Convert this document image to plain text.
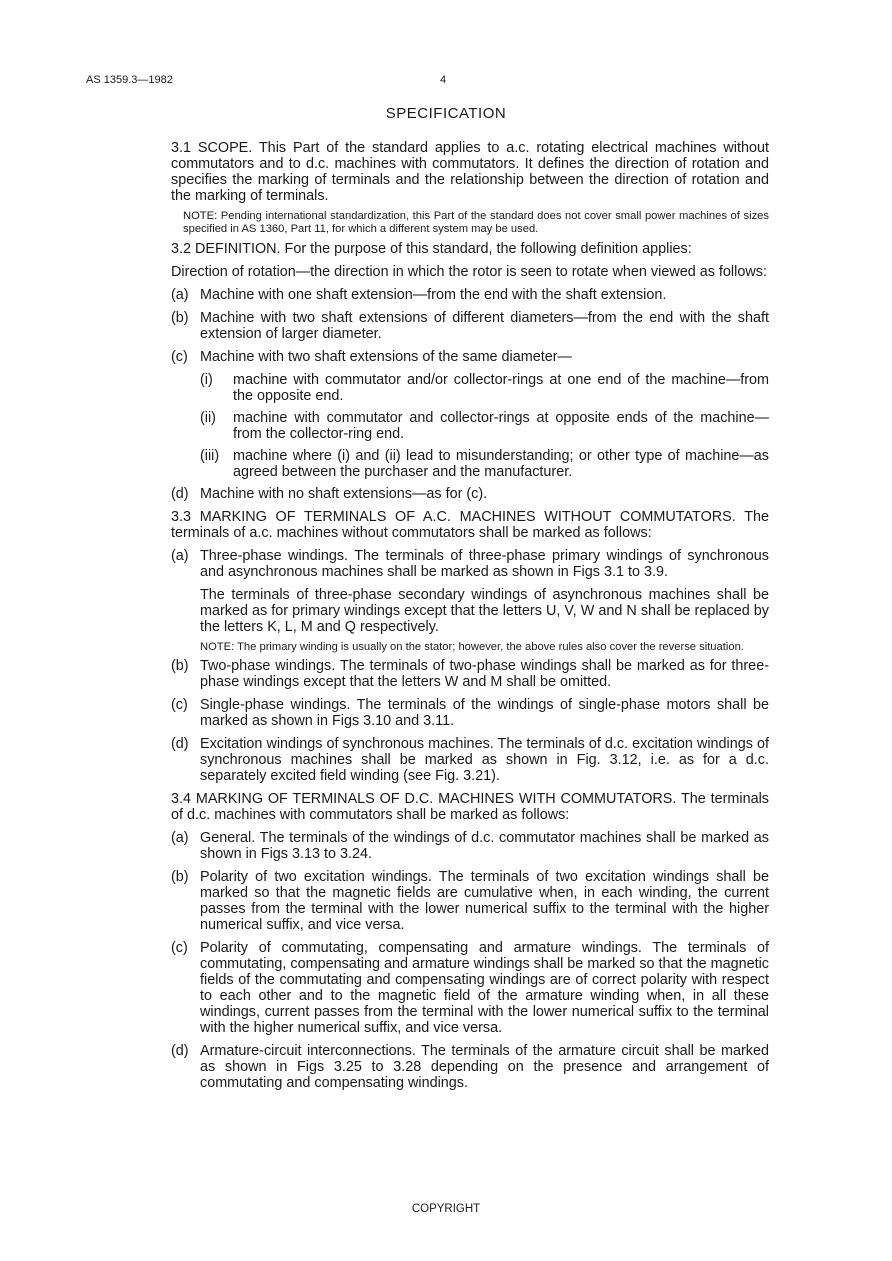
AS 1359.3—1982	4
SPECIFICATION

3.1 SCOPE. This Part of the standard applies to a.c. rotating electrical machines without commutators and to d.c. machines with commutators. It defines the direction of rotation and specifies the marking of terminals and the relationship between the direction of rotation and the marking of terminals.

NOTE: Pending international standardization, this Part of the standard does not cover small power machines of sizes specified in AS 1360, Part 11, for which a different system may be used.

3.2 DEFINITION. For the purpose of this standard, the following definition applies:

Direction of rotation—the direction in which the rotor is seen to rotate when viewed as follows:

(a) Machine with one shaft extension—from the end with the shaft extension.
(b) Machine with two shaft extensions of different diameters—from the end with the shaft extension of larger diameter.
(c) Machine with two shaft extensions of the same diameter—
(i)	machine with commutator and/or collector-rings at one end of the machine—from the opposite end.
(ii)	machine with commutator and collector-rings at opposite ends of the machine—from the collector-ring end.
(iii) machine where (i) and (ii) lead to misunderstanding; or other type of machine—as agreed between the purchaser and the manufacturer.
(d) Machine with no shaft extensions—as for (c).

3.3 MARKING OF TERMINALS OF A.C. MACHINES WITHOUT COMMUTATORS. The terminals of a.c. machines without commutators shall be marked as follows:

(a) Three-phase windings. The terminals of three-phase primary windings of synchronous and asynchronous machines shall be marked as shown in Figs 3.1 to 3.9.

The terminals of three-phase secondary windings of asynchronous machines shall be marked as for primary windings except that the letters U, V, W and N shall be replaced by the letters K, L, M and Q respectively.

NOTE: The primary winding is usually on the stator; however, the above rules also cover the reverse situation.
(b) Two-phase windings. The terminals of two-phase windings shall be marked as for three-phase windings except that the letters W and M shall be omitted.
(c) Single-phase windings. The terminals of the windings of single-phase motors shall be marked as shown in Figs 3.10 and 3.11.
(d) Excitation windings of synchronous machines. The terminals of d.c. excitation windings of synchronous machines shall be marked as shown in Fig. 3.12, i.e. as for a d.c. separately excited field winding (see Fig. 3.21).

3.4 MARKING OF TERMINALS OF D.C. MACHINES WITH COMMUTATORS. The terminals of d.c. machines with commutators shall be marked as follows:

(a) General. The terminals of the windings of d.c. commutator machines shall be marked as shown in Figs 3.13 to 3.24.
(b) Polarity of two excitation windings. The terminals of two excitation windings shall be marked so that the magnetic fields are cumulative when, in each winding, the current passes from the terminal with the lower numerical suffix to the terminal with the higher numerical suffix, and vice versa.
(c) Polarity of commutating, compensating and armature windings. The terminals of commutating, compensating and armature windings shall be marked so that the magnetic fields of the commutating and compensating windings are of correct polarity with respect to each other and to the magnetic field of the armature winding when, in all these windings, current passes from the terminal with the lower numerical suffix to the terminal with the higher numerical suffix, and vice versa.
(d) Armature-circuit interconnections. The terminals of the armature circuit shall be marked as shown in Figs 3.25 to 3.28 depending on the presence and arrangement of commutating and compensating windings.
COPYRIGHT
